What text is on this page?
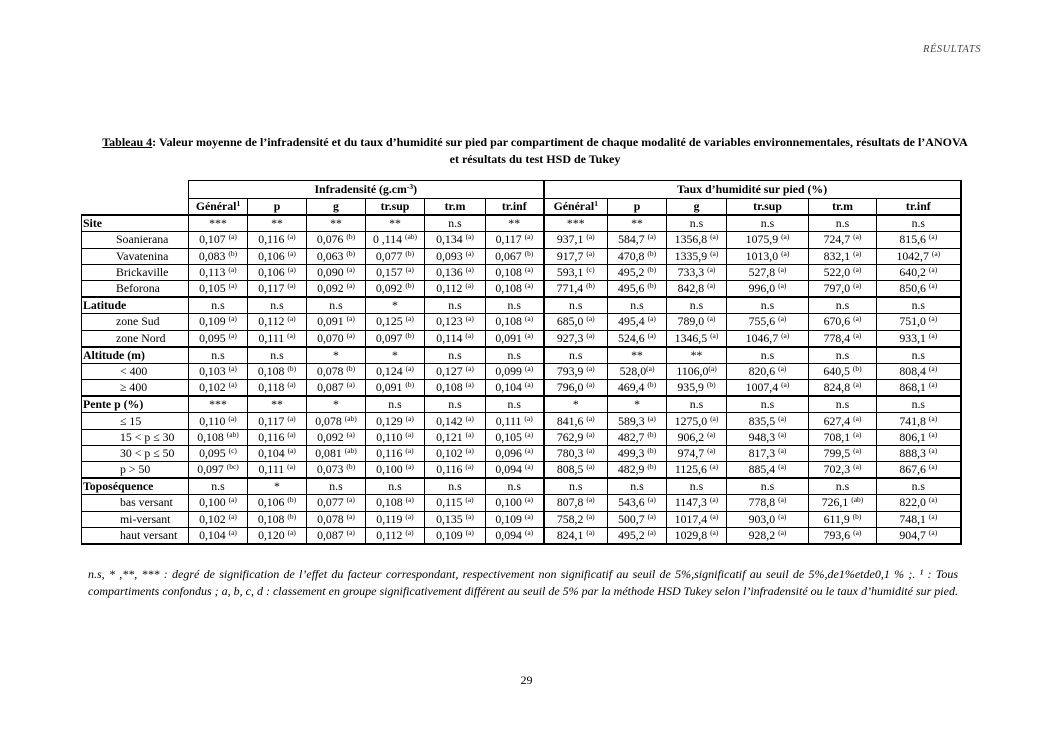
RÉSULTATS
Tableau 4: Valeur moyenne de l’infradensité et du taux d’humidité sur pied par compartiment de chaque modalité de variables environnementales, résultats de l’ANOVA et résultats du test HSD de Tukey
	Infradensité $(g.cm^{-3})$						Taux d’humidité sur pied (%)					
	Général$^1$	p	g	tr.sup	tr.m	tr.inf	Général$^1$	p	g	tr.sup	tr.m	tr.inf
Site	***	**	**	**	n.s	**	***	**	n.s	n.s	n.s	n.s
Soanierana	0,107 $^{(a)}$	0,116 $^{(a)}$	0,076 $^{(b)}$	0 ,114 $^{(ab)}$	0,134 $^{(a)}$	0,117 $^{(a)}$	937,1 $^{(a)}$	584,7 $^{(a)}$	1356,8 $^{(a)}$	1075,9 $^{(a)}$	724,7 $^{(a)}$	815,6 $^{(a)}$
Vavatenina	0,083 $^{(b)}$	0,106 $^{(a)}$	0,063 $^{(b)}$	0,077 $^{(b)}$	0,093 $^{(a)}$	0,067 $^{(b)}$	917,7 $^{(a)}$	470,8 $^{(b)}$	1335,9 $^{(a)}$	1013,0 $^{(a)}$	832,1 $^{(a)}$	1042,7 $^{(a)}$
Brickaville	0,113 $^{(a)}$	0,106 $^{(a)}$	0,090 $^{(a)}$	0,157 $^{(a)}$	0,136 $^{(a)}$	0,108 $^{(a)}$	593,1 $^{(c)}$	495,2 $^{(b)}$	733,3 $^{(a)}$	527,8 $^{(a)}$	522,0 $^{(a)}$	640,2 $^{(a)}$
Beforona	0,105 $^{(a)}$	0,117 $^{(a)}$	0,092 $^{(a)}$	0,092 $^{(b)}$	0,112 $^{(a)}$	0,108 $^{(a)}$	771,4 $^{(b)}$	495,6 $^{(b)}$	842,8 $^{(a)}$	996,0 $^{(a)}$	797,0 $^{(a)}$	850,6 $^{(a)}$
Latitude	n.s	n.s	n.s	*	n.s	n.s	n.s	n.s	n.s	n.s	n.s	n.s
zone Sud	0,109 $^{(a)}$	0,112 $^{(a)}$	0,091 $^{(a)}$	0,125 $^{(a)}$	0,123 $^{(a)}$	0,108 $^{(a)}$	685,0 $^{(a)}$	495,4 $^{(a)}$	789,0 $^{(a)}$	755,6 $^{(a)}$	670,6 $^{(a)}$	751,0 $^{(a)}$
zone Nord	0,095 $^{(a)}$	0,111 $^{(a)}$	0,070 $^{(a)}$	0,097 $^{(b)}$	0,114 $^{(a)}$	0,091 $^{(a)}$	927,3 $^{(a)}$	524,6 $^{(a)}$	1346,5 $^{(a)}$	1046,7 $^{(a)}$	778,4 $^{(a)}$	933,1 $^{(a)}$
Altitude (m)	n.s	n.s	*	*	n.s	n.s	n.s	**	**	n.s	n.s	n.s
< 400	0,103 $^{(a)}$	0,108 $^{(b)}$	0,078 $^{(b)}$	0,124 $^{(a)}$	0,127 $^{(a)}$	0,099 $^{(a)}$	793,9 $^{(a)}$	528,0$^{(a)}$	1106,0$^{(a)}$	820,6 $^{(a)}$	640,5 $^{(b)}$	808,4 $^{(a)}$
≥ 400	0,102 $^{(a)}$	0,118 $^{(a)}$	0,087 $^{(a)}$	0,091 $^{(b)}$	0,108 $^{(a)}$	0,104 $^{(a)}$	796,0 $^{(a)}$	469,4 $^{(b)}$	935,9 $^{(b)}$	1007,4 $^{(a)}$	824,8 $^{(a)}$	868,1 $^{(a)}$
Pente p (%)	***	**	*	n.s	n.s	n.s	*	*	n.s	n.s	n.s	n.s
≤ 15	0,110 $^{(a)}$	0,117 $^{(a)}$	0,078 $^{(ab)}$	0,129 $^{(a)}$	0,142 $^{(a)}$	0,111 $^{(a)}$	841,6 $^{(a)}$	589,3 $^{(a)}$	1275,0 $^{(a)}$	835,5 $^{(a)}$	627,4 $^{(a)}$	741,8 $^{(a)}$
15 < p ≤ 30	0,108 $^{(ab)}$	0,116 $^{(a)}$	0,092 $^{(a)}$	0,110 $^{(a)}$	0,121 $^{(a)}$	0,105 $^{(a)}$	762,9 $^{(a)}$	482,7 $^{(b)}$	906,2 $^{(a)}$	948,3 $^{(a)}$	708,1 $^{(a)}$	806,1 $^{(a)}$
30 < p ≤ 50	0,095 $^{(c)}$	0,104 $^{(a)}$	0,081 $^{(ab)}$	0,116 $^{(a)}$	0,102 $^{(a)}$	0,096 $^{(a)}$	780,3 $^{(a)}$	499,3 $^{(b)}$	974,7 $^{(a)}$	817,3 $^{(a)}$	799,5 $^{(a)}$	888,3 $^{(a)}$
p > 50	0,097 $^{(bc)}$	0,111 $^{(a)}$	0,073 $^{(b)}$	0,100 $^{(a)}$	0,116 $^{(a)}$	0,094 $^{(a)}$	808,5 $^{(a)}$	482,9 $^{(b)}$	1125,6 $^{(a)}$	885,4 $^{(a)}$	702,3 $^{(a)}$	867,6 $^{(a)}$
Toposéquence	n.s	*	n.s	n.s	n.s	n.s	n.s	n.s	n.s	n.s	n.s	n.s
bas versant	0,100 $^{(a)}$	0,106 $^{(b)}$	0,077 $^{(a)}$	0,108 $^{(a)}$	0,115 $^{(a)}$	0,100 $^{(a)}$	807,8 $^{(a)}$	543,6 $^{(a)}$	1147,3 $^{(a)}$	778,8 $^{(a)}$	726,1 $^{(ab)}$	822,0 $^{(a)}$
mi-versant	0,102 $^{(a)}$	0,108 $^{(b)}$	0,078 $^{(a)}$	0,119 $^{(a)}$	0,135 $^{(a)}$	0,109 $^{(a)}$	758,2 $^{(a)}$	500,7 $^{(a)}$	1017,4 $^{(a)}$	903,0 $^{(a)}$	611,9 $^{(b)}$	748,1 $^{(a)}$
haut versant	0,104 $^{(a)}$	0,120 $^{(a)}$	0,087 $^{(a)}$	0,112 $^{(a)}$	0,109 $^{(a)}$	0,094 $^{(a)}$	824,1 $^{(a)}$	495,2 $^{(a)}$	1029,8 $^{(a)}$	928,2 $^{(a)}$	793,6 $^{(a)}$	904,7 $^{(a)}$
n.s, * ,**, *** : degré de signification de l’effet du facteur correspondant, respectivement non significatif au seuil de 5%,significatif au seuil de 5%,de1%etde0,1 % ;. ¹ : Tous compartiments confondus ; a, b, c, d : classement en groupe significativement différent au seuil de 5% par la méthode HSD Tukey selon l’infradensité ou le taux d’humidité sur pied.
29
